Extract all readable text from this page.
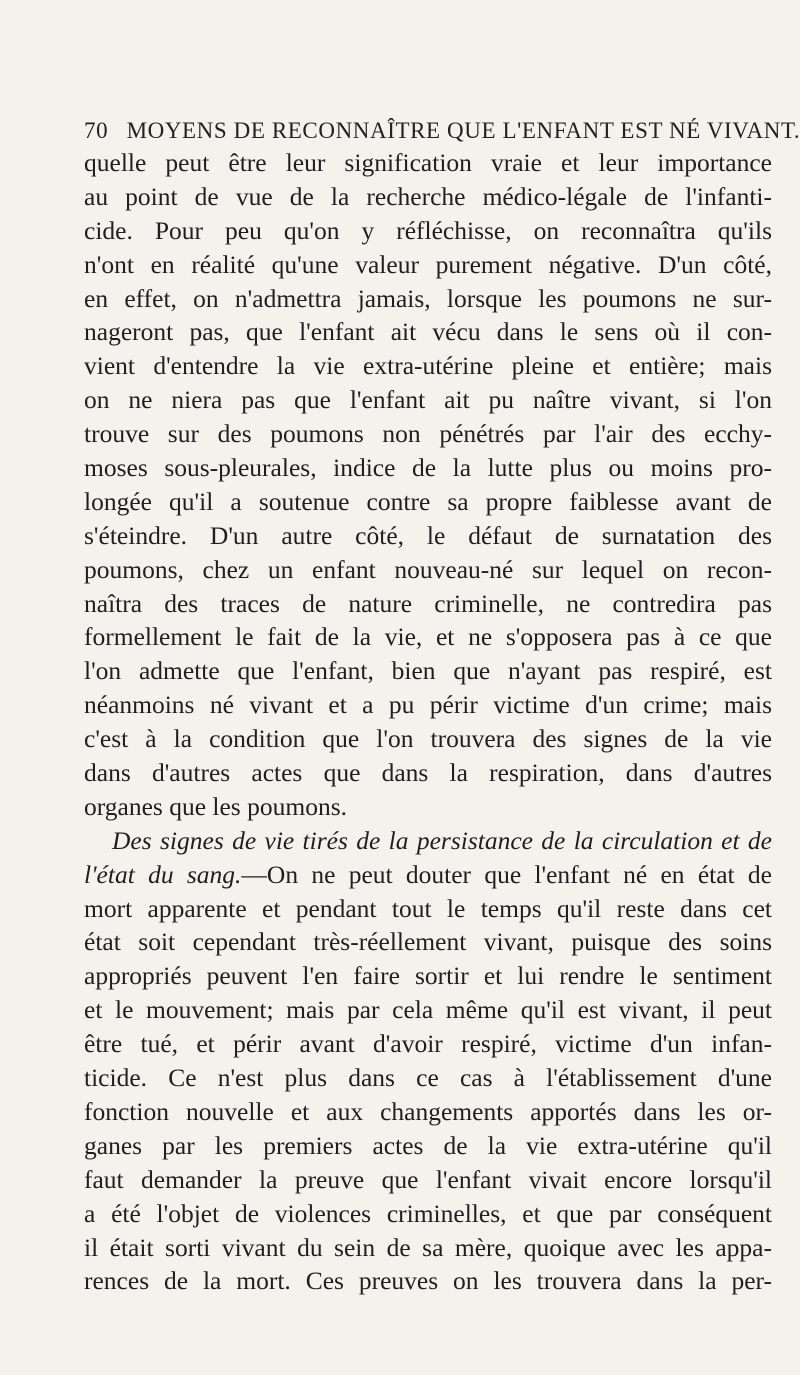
70 MOYENS DE RECONNAÎTRE QUE L'ENFANT EST NÉ VIVANT.
quelle peut être leur signification vraie et leur importance
au point de vue de la recherche médico-légale de l'infanti-
cide. Pour peu qu'on y réfléchisse, on reconnaîtra qu'ils
n'ont en réalité qu'une valeur purement négative. D'un côté,
en effet, on n'admettra jamais, lorsque les poumons ne sur-
nageront pas, que l'enfant ait vécu dans le sens où il con-
vient d'entendre la vie extra-utérine pleine et entière; mais
on ne niera pas que l'enfant ait pu naître vivant, si l'on
trouve sur des poumons non pénétrés par l'air des ecchy-
moses sous-pleurales, indice de la lutte plus ou moins pro-
longée qu'il a soutenue contre sa propre faiblesse avant de
s'éteindre. D'un autre côté, le défaut de surnatation des
poumons, chez un enfant nouveau-né sur lequel on recon-
naîtra des traces de nature criminelle, ne contredira pas
formellement le fait de la vie, et ne s'opposera pas à ce que
l'on admette que l'enfant, bien que n'ayant pas respiré, est
néanmoins né vivant et a pu périr victime d'un crime; mais
c'est à la condition que l'on trouvera des signes de la vie
dans d'autres actes que dans la respiration, dans d'autres
organes que les poumons.
Des signes de vie tirés de la persistance de la circulation et de
l'état du sang.—On ne peut douter que l'enfant né en état de
mort apparente et pendant tout le temps qu'il reste dans cet
état soit cependant très-réellement vivant, puisque des soins
appropriés peuvent l'en faire sortir et lui rendre le sentiment
et le mouvement; mais par cela même qu'il est vivant, il peut
être tué, et périr avant d'avoir respiré, victime d'un infan-
ticide. Ce n'est plus dans ce cas à l'établissement d'une
fonction nouvelle et aux changements apportés dans les or-
ganes par les premiers actes de la vie extra-utérine qu'il
faut demander la preuve que l'enfant vivait encore lorsqu'il
a été l'objet de violences criminelles, et que par conséquent
il était sorti vivant du sein de sa mère, quoique avec les appa-
rences de la mort. Ces preuves on les trouvera dans la per-
